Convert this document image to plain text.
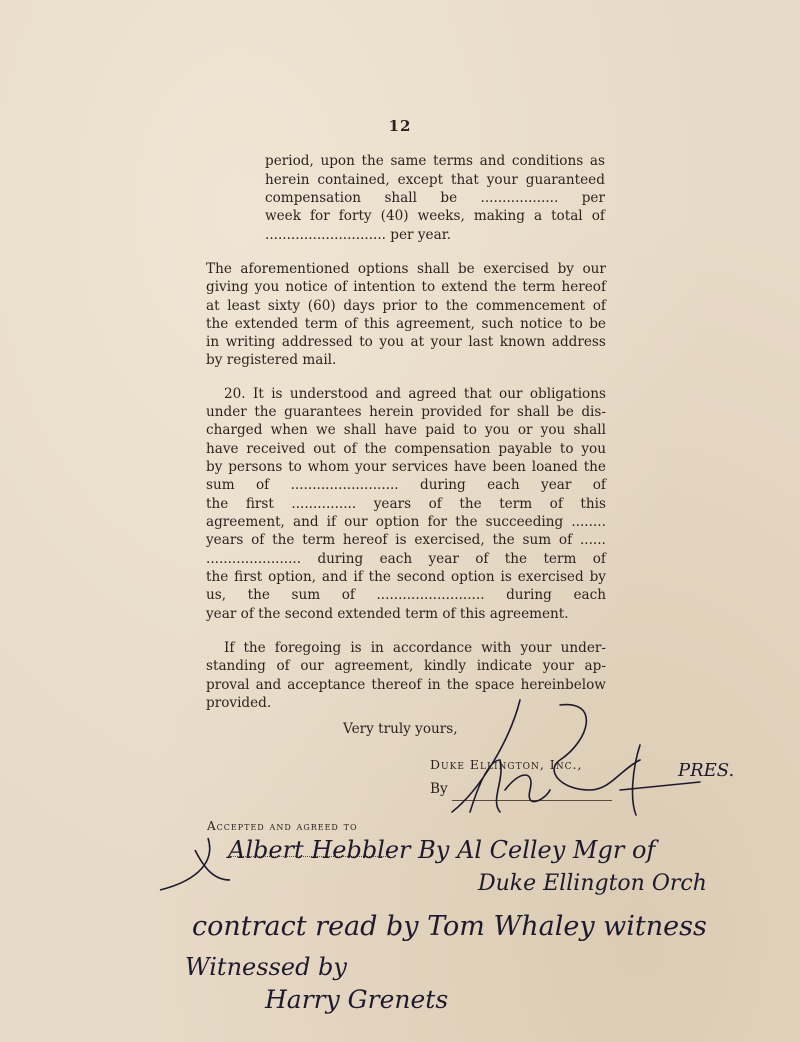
12
period, upon the same terms and conditions as
herein contained, except that your guaranteed
compensation shall be .................. per
week for forty (40) weeks, making a total of
............................ per year.
The aforementioned options shall be exercised by our
giving you notice of intention to extend the term hereof
at least sixty (60) days prior to the commencement of
the extended term of this agreement, such notice to be
in writing addressed to you at your last known address
by registered mail.
20. It is understood and agreed that our obligations
under the guarantees herein provided for shall be dis-
charged when we shall have paid to you or you shall
have received out of the compensation payable to you
by persons to whom your services have been loaned the
sum of ......................... during each year of
the first ............... years of the term of this
agreement, and if our option for the succeeding ........
years of the term hereof is exercised, the sum of ......
...................... during each year of the term of
the first option, and if the second option is exercised by
us, the sum of ......................... during each
year of the second extended term of this agreement.
If the foregoing is in accordance with your under-
standing of our agreement, kindly indicate your ap-
proval and acceptance thereof in the space hereinbelow
provided.
Very truly yours,
Duke Ellington, Inc.,
By
Accepted and agreed to
PRES.
Albert Hebbler By Al Celley Mgr of
Duke Ellington Orch
contract read by Tom Whaley witness
Witnessed by
Harry Grenets
